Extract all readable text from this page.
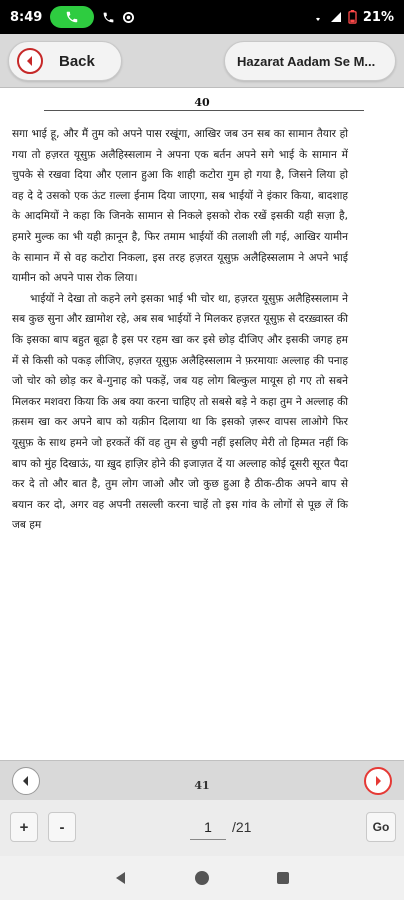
8:49	21%
Back	Hazarat Aadam Se M...
40

सगा भाई हू, और मैं तुम को अपने पास रखूंगा, आखिर जब उन सब का सामान तैयार हो गया तो हज़रत यूसुफ़ अलैहिस्सलाम ने अपना एक बर्तन अपने सगे भाई के सामान में चुपके से रखवा दिया और एलान हुआ कि शाही कटोरा गुम हो गया है, जिसने लिया हो वह दे दे उसको एक ऊंट ग़ल्ला ईनाम दिया जाएगा, सब भाईयों ने इंकार किया, बादशाह के आदमियों ने कहा कि जिनके सामान से निकले इसको रोक रखें इसकी यही सज़ा है, हमारे मुल्क का भी यही क़ानून है, फिर तमाम भाईयों की तलाशी ली गई, आखिर यामीन के सामान में से वह कटोरा निकला, इस तरह हज़रत यूसुफ़ अलैहिस्सलाम ने अपने भाई यामीन को अपने पास रोक लिया।

भाईयों ने देखा तो कहने लगे इसका भाई भी चोर था, हज़रत यूसुफ़ अलैहिस्सलाम ने सब कुछ सुना और ख़ामोश रहे, अब सब भाईयों ने मिलकर हज़रत यूसुफ़ से दरख़्वास्त की कि इसका बाप बहुत बूढ़ा है इस पर रहम खा कर इसे छोड़ दीजिए और इसकी जगह हम में से किसी को पकड़ लीजिए, हज़रत यूसुफ़ अलैहिस्सलाम ने फ़रमायाः अल्लाह की पनाह जो चोर को छोड़ कर बे-गुनाह को पकड़ें, जब यह लोग बिल्कुल मायूस हो गए तो सबने मिलकर मशवरा किया कि अब क्या करना चाहिए तो सबसे बड़े ने कहा तुम ने अल्लाह की क़सम खा कर अपने बाप को यक़ीन दिलाया था कि इसको ज़रूर वापस लाओगे फिर यूसुफ़ के साथ हमने जो हरकतें कीं वह तुम से छुपी नहीं इसलिए मेरी तो हिम्मत नहीं कि बाप को मुंह दिखाऊं, या ख़ुद हाज़िर होने की इजाज़त दें या अल्लाह कोई दूसरी सूरत पैदा कर दे तो और बात है, तुम लोग जाओ और जो कुछ हुआ है ठीक-ठीक अपने बाप से बयान कर दो, अगर वह अपनी तसल्ली करना चाहें तो इस गांव के लोगों से पूछ लें कि जब हम

41
+	-
1	/21	Go
